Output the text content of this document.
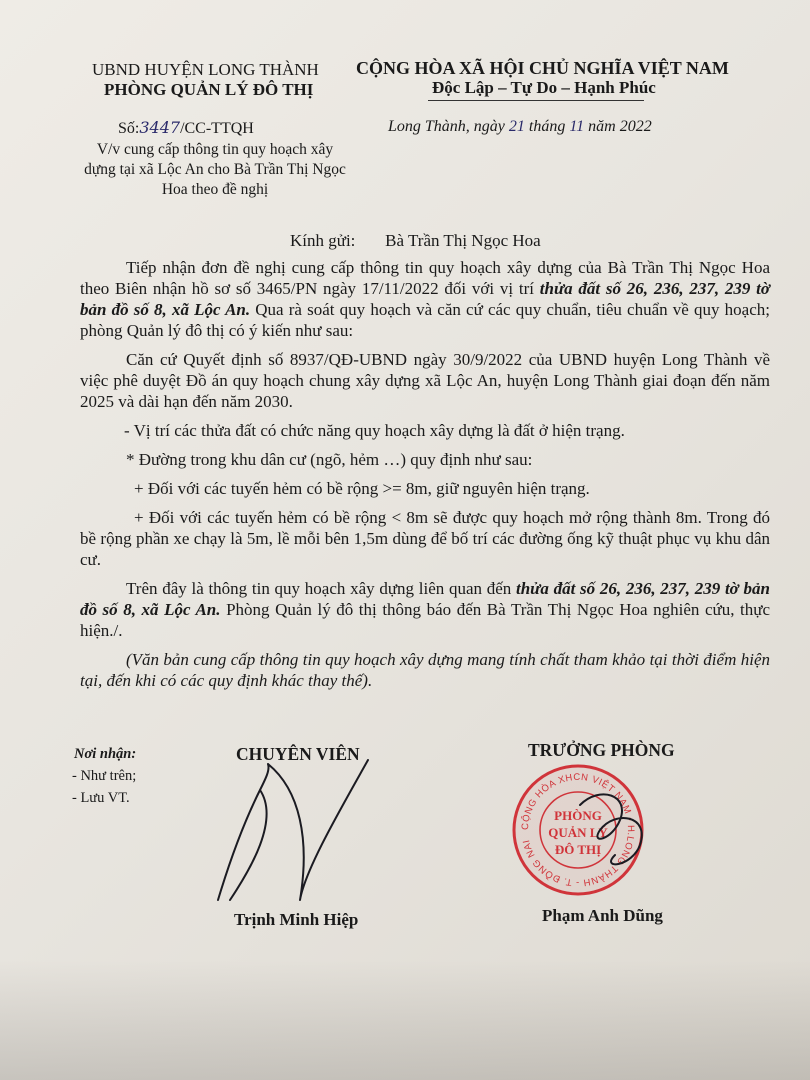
UBND HUYỆN LONG THÀNH
PHÒNG QUẢN LÝ ĐÔ THỊ
CỘNG HÒA XÃ HỘI CHỦ NGHĨA VIỆT NAM
Độc Lập – Tự Do – Hạnh Phúc
Số:3447/CC-TTQH
V/v cung cấp thông tin quy hoạch xây dựng tại xã Lộc An cho Bà Trần Thị Ngọc Hoa theo đề nghị
Long Thành, ngày 21 tháng 11 năm 2022

Kính gửi: Bà Trần Thị Ngọc Hoa

Tiếp nhận đơn đề nghị cung cấp thông tin quy hoạch xây dựng của Bà Trần Thị Ngọc Hoa theo Biên nhận hồ sơ số 3465/PN ngày 17/11/2022 đối với vị trí thửa đất số 26, 236, 237, 239 tờ bản đồ số 8, xã Lộc An. Qua rà soát quy hoạch và căn cứ các quy chuẩn, tiêu chuẩn về quy hoạch; phòng Quản lý đô thị có ý kiến như sau:

Căn cứ Quyết định số 8937/QĐ-UBND ngày 30/9/2022 của UBND huyện Long Thành về việc phê duyệt Đồ án quy hoạch chung xây dựng xã Lộc An, huyện Long Thành giai đoạn đến năm 2025 và dài hạn đến năm 2030.

- Vị trí các thửa đất có chức năng quy hoạch xây dựng là đất ở hiện trạng.

* Đường trong khu dân cư (ngõ, hẻm …) quy định như sau:

+ Đối với các tuyến hẻm có bề rộng >= 8m, giữ nguyên hiện trạng.

+ Đối với các tuyến hẻm có bề rộng < 8m sẽ được quy hoạch mở rộng thành 8m. Trong đó bề rộng phần xe chạy là 5m, lề mỗi bên 1,5m dùng để bố trí các đường ống kỹ thuật phục vụ khu dân cư.

Trên đây là thông tin quy hoạch xây dựng liên quan đến thửa đất số 26, 236, 237, 239 tờ bản đồ số 8, xã Lộc An. Phòng Quản lý đô thị thông báo đến Bà Trần Thị Ngọc Hoa nghiên cứu, thực hiện./.

(Văn bản cung cấp thông tin quy hoạch xây dựng mang tính chất tham khảo tại thời điểm hiện tại, đến khi có các quy định khác thay thế).

Nơi nhận:
- Như trên;
- Lưu VT.
CHUYÊN VIÊN	TRƯỞNG PHÒNG
CỘNG HÒA XHCN VIỆT NAM • H.LONG THÀNH - T. ĐỒNG NAI
PHÒNG
QUẢN LÝ
ĐÔ THỊ
Trịnh Minh Hiệp	Phạm Anh Dũng
